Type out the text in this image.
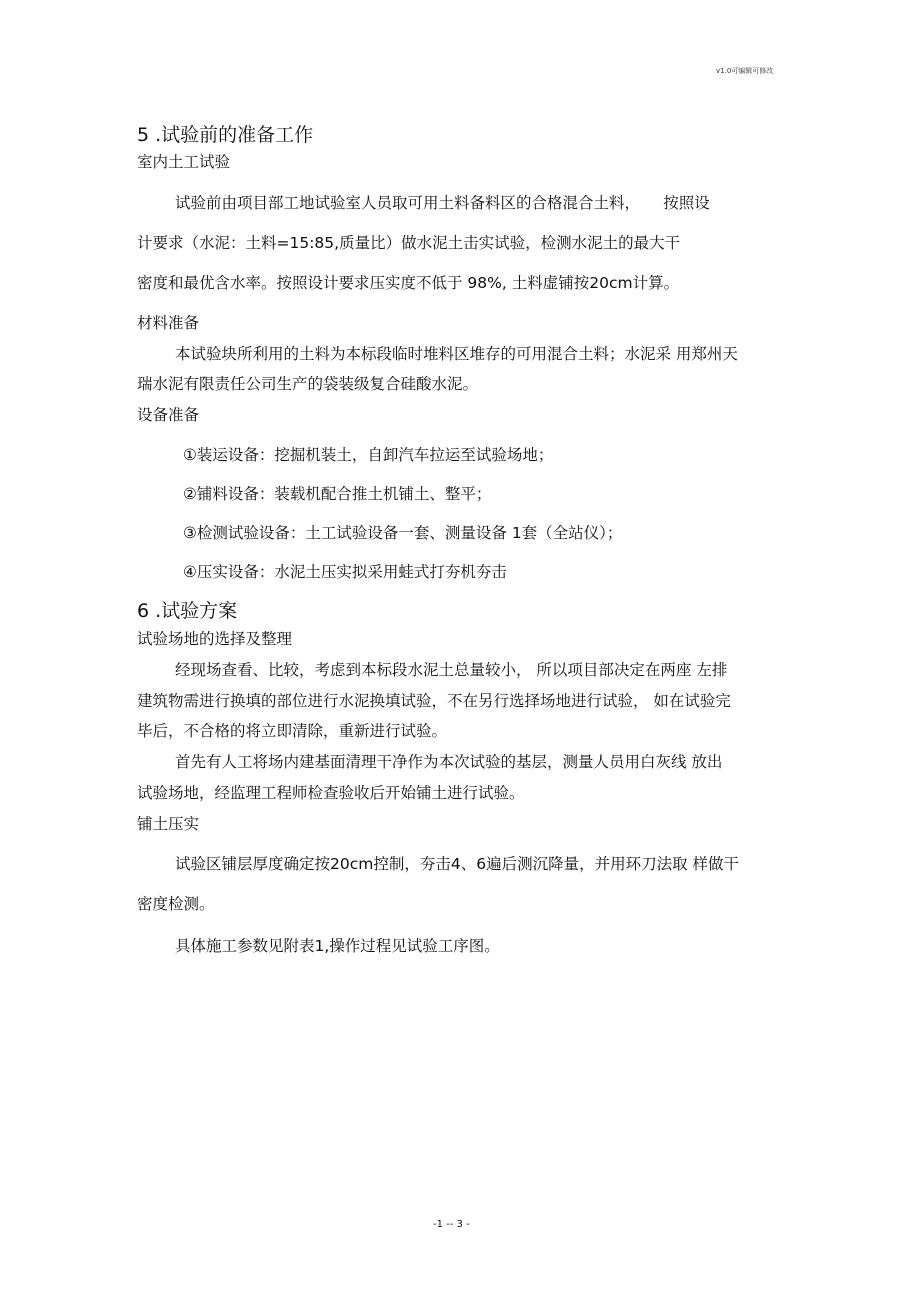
v1.0可编辑可修改
5 .试验前的准备工作
室内土工试验
试验前由项目部工地试验室人员取可用土料备料区的合格混合土料，　　按照设
计要求（水泥：土料=15:85,质量比）做水泥土击实试验，检测水泥土的最大干
密度和最优含水率。按照设计要求压实度不低于 98%, 土料虚铺按20cm计算。
材料准备
本试验块所利用的土料为本标段临时堆料区堆存的可用混合土料；水泥采 用郑州天
瑞水泥有限责任公司生产的袋装级复合硅酸水泥。
设备准备
①装运设备：挖掘机装土，自卸汽车拉运至试验场地；
②铺料设备：装载机配合推土机铺土、整平；
③检测试验设备：土工试验设备一套、测量设备 1套（全站仪）；
④压实设备：水泥土压实拟采用蛙式打夯机夯击
6 .试验方案
试验场地的选择及整理
经现场查看、比较，考虑到本标段水泥土总量较小， 所以项目部决定在两座 左排
建筑物需进行换填的部位进行水泥换填试验，不在另行选择场地进行试验， 如在试验完
毕后，不合格的将立即清除，重新进行试验。
首先有人工将场内建基面清理干净作为本次试验的基层，测量人员用白灰线 放出
试验场地，经监理工程师检查验收后开始铺土进行试验。
铺土压实
试验区铺层厚度确定按20cm控制，夯击4、6遍后测沉降量，并用环刀法取 样做干
密度检测。
具体施工参数见附表1,操作过程见试验工序图。
-1 -- 3 -
